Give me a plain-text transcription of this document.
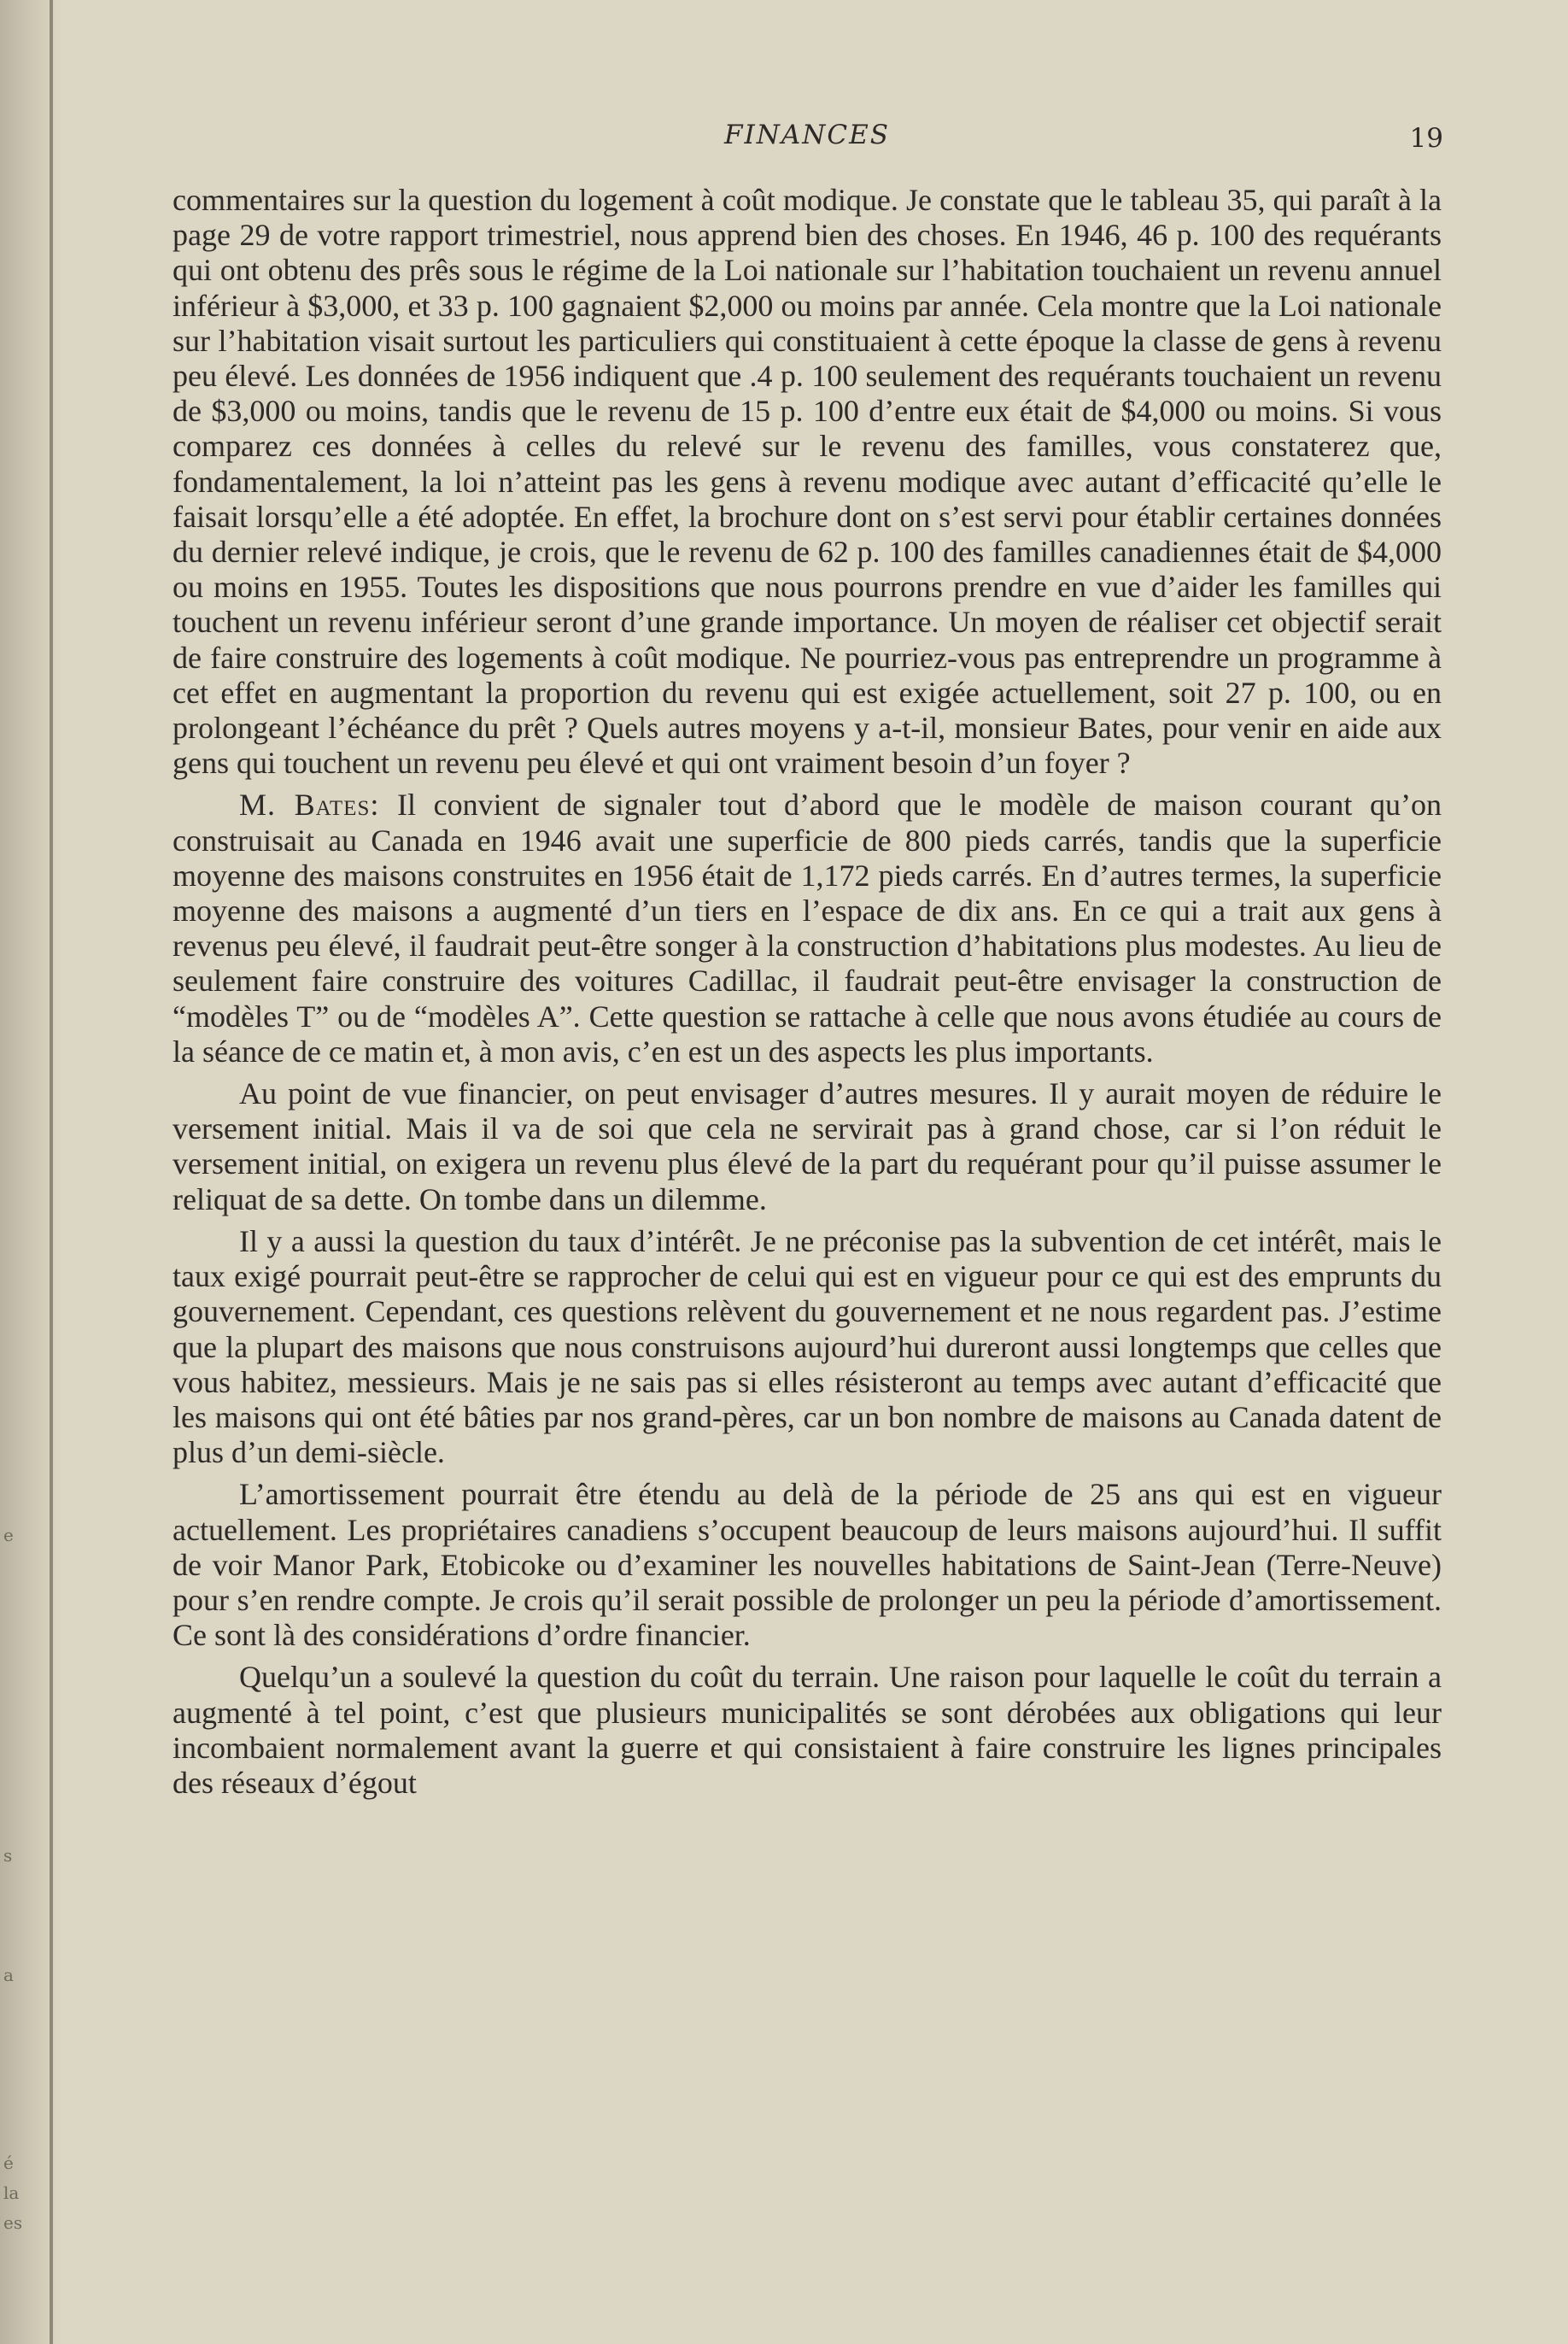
e
s
a
é
la
es
FINANCES	19

commentaires sur la question du logement à coût modique. Je constate que le tableau 35, qui paraît à la page 29 de votre rapport trimestriel, nous apprend bien des choses. En 1946, 46 p. 100 des requérants qui ont obtenu des prês sous le régime de la Loi nationale sur l’habitation touchaient un revenu annuel inférieur à $3,000, et 33 p. 100 gagnaient $2,000 ou moins par année. Cela montre que la Loi nationale sur l’habitation visait surtout les particuliers qui constituaient à cette époque la classe de gens à revenu peu élevé. Les données de 1956 indiquent que .4 p. 100 seulement des requérants touchaient un revenu de $3,000 ou moins, tandis que le revenu de 15 p. 100 d’entre eux était de $4,000 ou moins. Si vous comparez ces données à celles du relevé sur le revenu des familles, vous constaterez que, fondamentalement, la loi n’atteint pas les gens à revenu modique avec autant d’efficacité qu’elle le faisait lorsqu’elle a été adoptée. En effet, la brochure dont on s’est servi pour établir certaines données du dernier relevé indique, je crois, que le revenu de 62 p. 100 des familles canadiennes était de $4,000 ou moins en 1955. Toutes les dispositions que nous pourrons prendre en vue d’aider les familles qui touchent un revenu inférieur seront d’une grande importance. Un moyen de réaliser cet objectif serait de faire construire des logements à coût modique. Ne pourriez-vous pas entreprendre un programme à cet effet en augmentant la proportion du revenu qui est exigée actuellement, soit 27 p. 100, ou en prolongeant l’échéance du prêt ? Quels autres moyens y a-t-il, monsieur Bates, pour venir en aide aux gens qui touchent un revenu peu élevé et qui ont vraiment besoin d’un foyer ?

M. Bates: Il convient de signaler tout d’abord que le modèle de maison courant qu’on construisait au Canada en 1946 avait une superficie de 800 pieds carrés, tandis que la superficie moyenne des maisons construites en 1956 était de 1,172 pieds carrés. En d’autres termes, la superficie moyenne des maisons a augmenté d’un tiers en l’espace de dix ans. En ce qui a trait aux gens à revenus peu élevé, il faudrait peut-être songer à la construction d’habitations plus modestes. Au lieu de seulement faire construire des voitures Cadillac, il faudrait peut-être envisager la construction de “modèles T” ou de “modèles A”. Cette question se rattache à celle que nous avons étudiée au cours de la séance de ce matin et, à mon avis, c’en est un des aspects les plus importants.

Au point de vue financier, on peut envisager d’autres mesures. Il y aurait moyen de réduire le versement initial. Mais il va de soi que cela ne servirait pas à grand chose, car si l’on réduit le versement initial, on exigera un revenu plus élevé de la part du requérant pour qu’il puisse assumer le reliquat de sa dette. On tombe dans un dilemme.

Il y a aussi la question du taux d’intérêt. Je ne préconise pas la subvention de cet intérêt, mais le taux exigé pourrait peut-être se rapprocher de celui qui est en vigueur pour ce qui est des emprunts du gouvernement. Cependant, ces questions relèvent du gouvernement et ne nous regardent pas. J’estime que la plupart des maisons que nous construisons aujourd’hui dureront aussi longtemps que celles que vous habitez, messieurs. Mais je ne sais pas si elles résisteront au temps avec autant d’efficacité que les maisons qui ont été bâties par nos grand-pères, car un bon nombre de maisons au Canada datent de plus d’un demi-siècle.

L’amortissement pourrait être étendu au delà de la période de 25 ans qui est en vigueur actuellement. Les propriétaires canadiens s’occupent beaucoup de leurs maisons aujourd’hui. Il suffit de voir Manor Park, Etobicoke ou d’examiner les nouvelles habitations de Saint-Jean (Terre-Neuve) pour s’en rendre compte. Je crois qu’il serait possible de prolonger un peu la période d’amortissement. Ce sont là des considérations d’ordre financier.

Quelqu’un a soulevé la question du coût du terrain. Une raison pour laquelle le coût du terrain a augmenté à tel point, c’est que plusieurs municipalités se sont dérobées aux obligations qui leur incombaient normalement avant la guerre et qui consistaient à faire construire les lignes principales des réseaux d’égout
